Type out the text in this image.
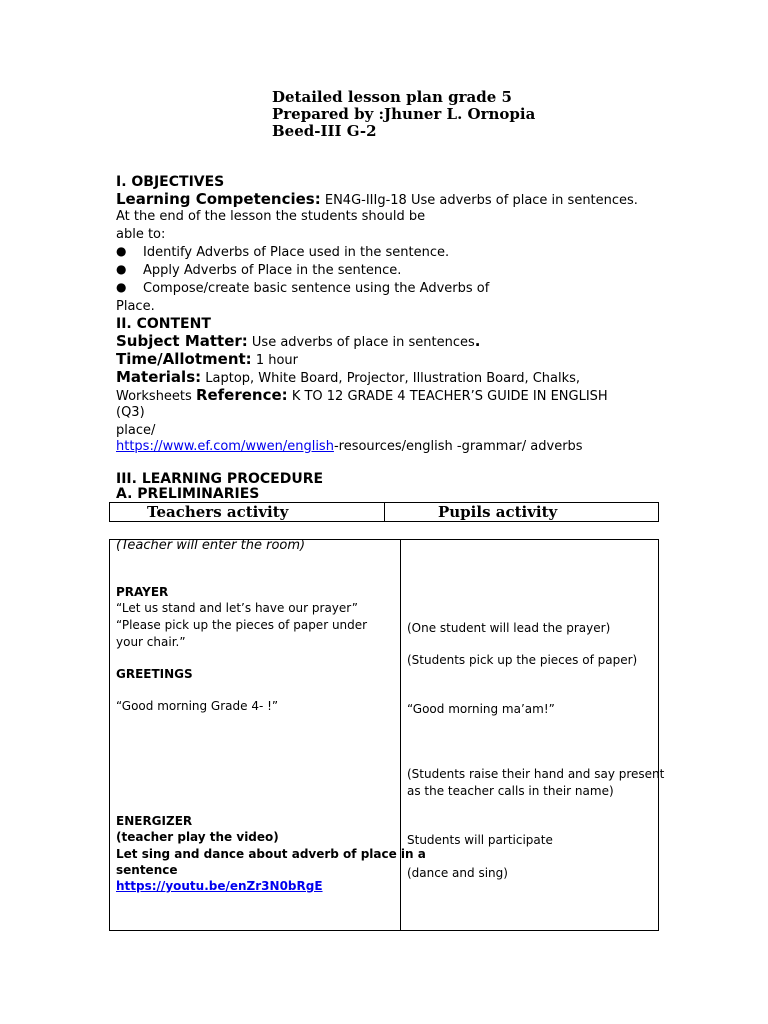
Detailed lesson plan grade 5
Prepared by :Jhuner L. Ornopia
Beed-III G-2
I. OBJECTIVES
Learning Competencies: EN4G-IIIg-18 Use adverbs of place in sentences.
At the end of the lesson the students should be
able to:
● Identify Adverbs of Place used in the sentence.
● Apply Adverbs of Place in the sentence.
● Compose/create basic sentence using the Adverbs of
Place.
II. CONTENT
Subject Matter: Use adverbs of place in sentences.
Time/Allotment: 1 hour
Materials: Laptop, White Board, Projector, Illustration Board, Chalks,
Worksheets Reference: K TO 12 GRADE 4 TEACHER’S GUIDE IN ENGLISH
(Q3)
place/
https://www.ef.com/wwen/english-resources/english -grammar/ adverbs
III. LEARNING PROCEDURE
A. PRELIMINARIES
Teachers activity	Pupils activity
(Teacher will enter the room)
PRAYER
“Let us stand and let’s have our prayer”
“Please pick up the pieces of paper under
your chair.”
GREETINGS
“Good morning Grade 4- !”
ENERGIZER
(teacher play the video)
Let sing and dance about adverb of place in a
sentence
https://youtu.be/enZr3N0bRgE
(One student will lead the prayer)
(Students pick up the pieces of paper)
“Good morning ma’am!”
(Students raise their hand and say present
as the teacher calls in their name)
Students will participate
(dance and sing)
